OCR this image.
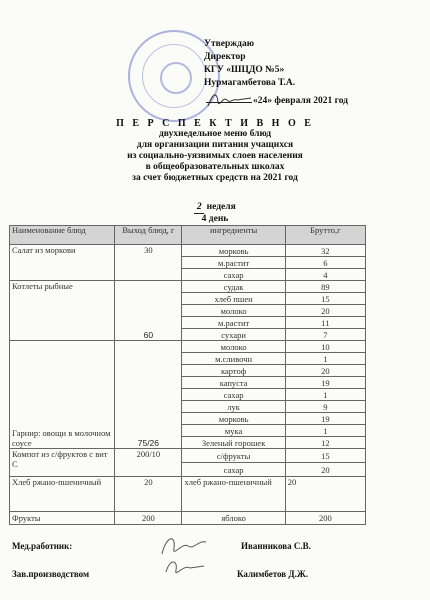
Утверждаю
Директор
КГУ «ШЦДО №5»
Нурмагамбетова Т.А.
«24» февраля 2021 год
П Е Р С П Е К Т И В Н О Е
двухнедельное меню блюд
для организации питания учащихся
из социально-уязвимых слоев населения
в общеобразовательных школах
за счет бюджетных средств на 2021 год
2 неделя
4 день
Наименование блюд	Выход блюд, г	ингредиенты	Брутто,г
Салат из моркови	30	морковь	32
		м.растит	6
		сахар	4
Котлеты рыбные	60	судак	89
		хлеб пшен	15
		молоко	20
		м.растит	11
		сухари	7
Гарнир: овощи в молочном соусе	75/26	молоко	10
		м.сливочн	1
		картоф	20
		капуста	19
		сахар	1
		лук	9
		морковь	19
		мука	1
		Зеленый горошек	12
Компот из с/фруктов с вит С	200/10	с/фрукты	15
		сахар	20
Хлеб ржано-пшеничный	20	хлеб ржано-пшеничный	20
Фрукты	200	яблоко	200
Мед.работник:	Иванникова С.В.
Зав.производством	Калимбетов Д.Ж.
